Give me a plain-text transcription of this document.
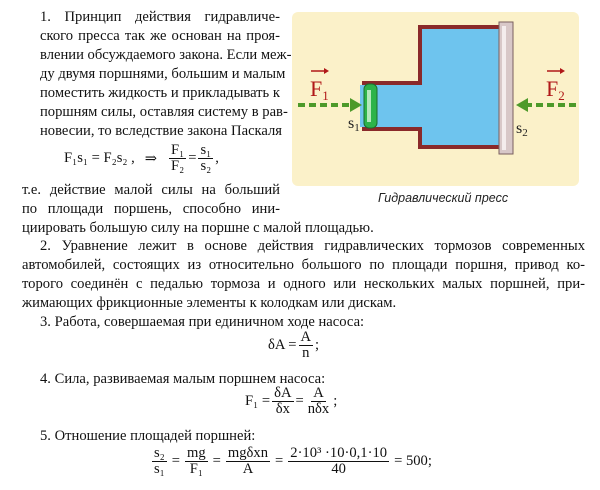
1. Принцип действия гидравличе-
ского пресса так же основан на проя-
влении обсуждаемого закона. Если меж-
ду двумя поршнями, большим и малым
поместить жидкость и прикладывать к
поршням силы, оставляя систему в рав-
новесии, то вследствие закона Паскаля
F₁s₁ = F₂s₂ , ⇒ $\frac{\text{F₁}}{\text{F₂}} = \frac{\text{s₁}}{\text{s₂}}$ ,
т.е. действие малой силы на больший
по площади поршень, способно ини-
циировать большую силу на поршне с малой площадью.
F1	F2
s1	s2
Гидравлический пресс
2. Уравнение лежит в основе действия гидравлических тормозов современных
автомобилей, состоящих из относительно большого по площади поршня, привод ко-
торого соединён с педалью тормоза и одного или нескольких малых поршней, при-
жимающих фрикционные элементы к колодкам или дискам.
3. Работа, совершаемая при единичном ходе насоса:
$\delta A = \frac{A}{n}$ ;
4. Сила, развиваемая малым поршнем насоса:
$F_1 = \frac{\delta A}{\delta x} = \frac{A}{\text{nδx}}$ ;
5. Отношение площадей поршней:
$\frac{\text{s₂}}{\text{s₁}} = \frac{mg}{\text{F₁}} = \frac{\text{mgδxn}}{A} = \frac{\text{2·10³ ·10·0,1·10}}{40} = 500$;
